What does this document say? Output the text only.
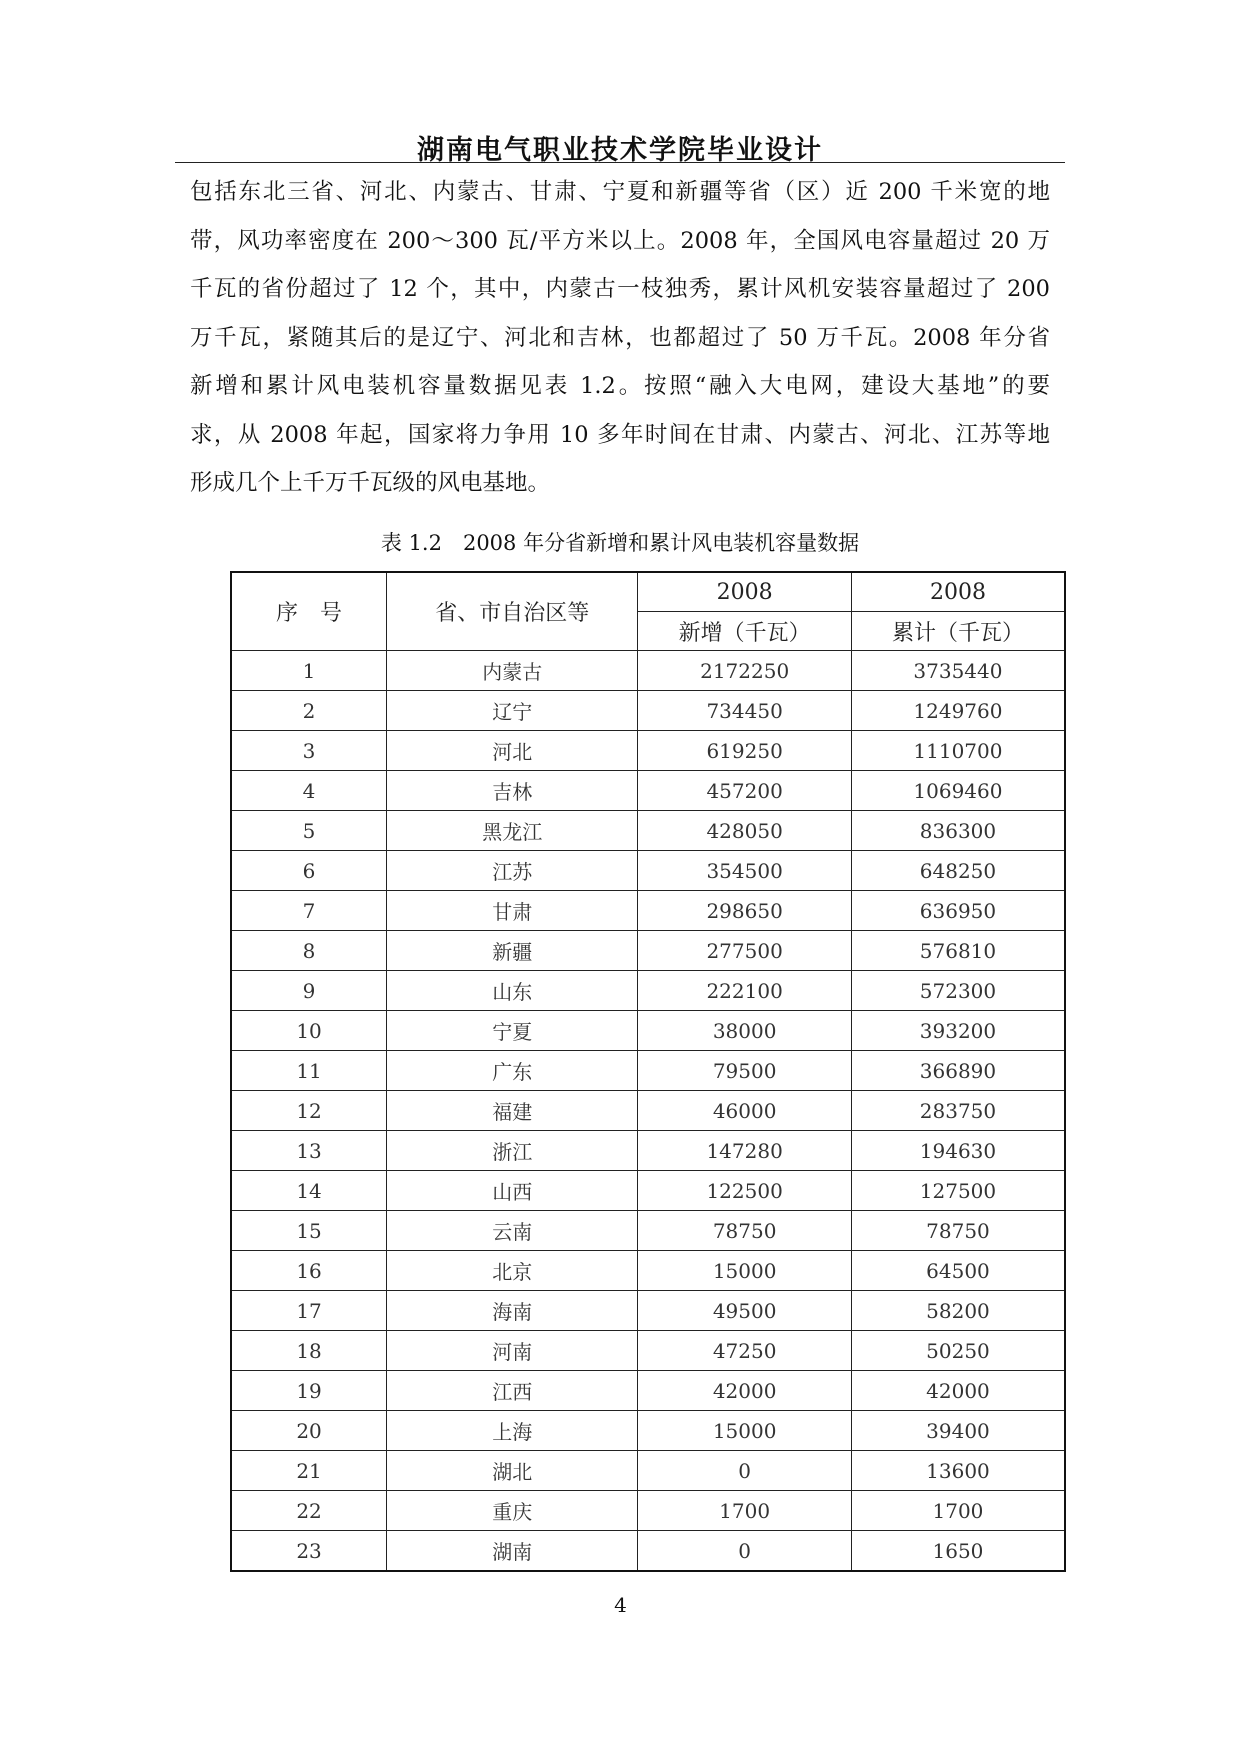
湖南电气职业技术学院毕业设计
包括东北三省、河北、内蒙古、甘肃、宁夏和新疆等省（区）近 200 千米宽的地
带，风功率密度在 200～300 瓦/平方米以上。2008 年，全国风电容量超过 20 万
千瓦的省份超过了 12 个，其中，内蒙古一枝独秀，累计风机安装容量超过了 200
万千瓦，紧随其后的是辽宁、河北和吉林，也都超过了 50 万千瓦。2008 年分省
新增和累计风电装机容量数据见表 1.2。按照“融入大电网，建设大基地”的要
求，从 2008 年起，国家将力争用 10 多年时间在甘肃、内蒙古、河北、江苏等地
形成几个上千万千瓦级的风电基地。
表 1.2　2008 年分省新增和累计风电装机容量数据
序　号	省、市自治区等	2008	2008
		新增（千瓦）	累计（千瓦）
1	内蒙古	2172250	3735440
2	辽宁	734450	1249760
3	河北	619250	1110700
4	吉林	457200	1069460
5	黑龙江	428050	836300
6	江苏	354500	648250
7	甘肃	298650	636950
8	新疆	277500	576810
9	山东	222100	572300
10	宁夏	38000	393200
11	广东	79500	366890
12	福建	46000	283750
13	浙江	147280	194630
14	山西	122500	127500
15	云南	78750	78750
16	北京	15000	64500
17	海南	49500	58200
18	河南	47250	50250
19	江西	42000	42000
20	上海	15000	39400
21	湖北	0	13600
22	重庆	1700	1700
23	湖南	0	1650
4
